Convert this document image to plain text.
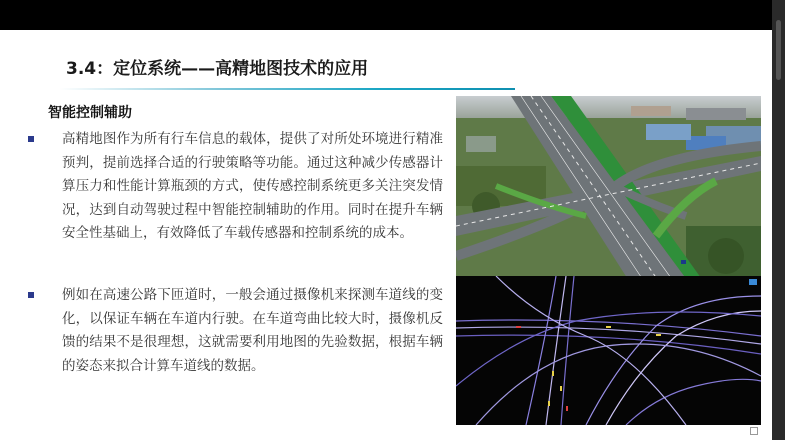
3.4：定位系统——高精地图技术的应用
智能控制辅助
高精地图作为所有行车信息的载体，提供了对所处环境进行精准预判，提前选择合适的行驶策略等功能。通过这种减少传感器计算压力和性能计算瓶颈的方式，使传感控制系统更多关注突发情况，达到自动驾驶过程中智能控制辅助的作用。同时在提升车辆安全性基础上，有效降低了车载传感器和控制系统的成本。
例如在高速公路下匝道时，一般会通过摄像机来探测车道线的变化，以保证车辆在车道内行驶。在车道弯曲比较大时，摄像机反馈的结果不是很理想，这就需要利用地图的先验数据，根据车辆的姿态来拟合计算车道线的数据。
